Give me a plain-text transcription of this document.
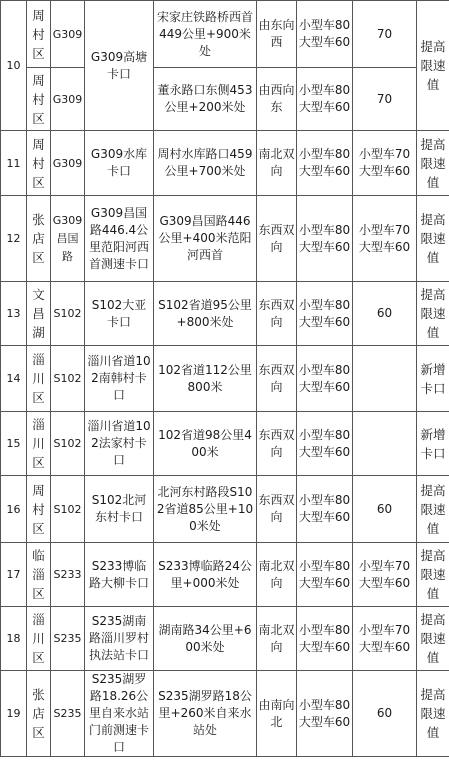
10	周村区	G309	G309高塘卡口	宋家庄铁路桥西首449公里+900米处	由东向西	小型车80大型车60	70	提高限速值
	周村区	G309		董永路口东侧453公里+200米处	由西向东	小型车80大型车60	70	
11	周村区	G309	G309水库卡口	周村水库路口459公里+700米处	南北双向	小型车80大型车60	小型车70大型车60	提高限速值
12	张店区	G309昌国路	G309昌国路446.4公里范阳河西首测速卡口	G309昌国路446公里+400米范阳河西首	东西双向	小型车80大型车60	小型车70大型车60	提高限速值
13	文昌湖	S102	S102大亚卡口	S102省道95公里+800米处	东西双向	小型车80大型车60	60	提高限速值
14	淄川区	S102	淄川省道102南韩村卡口	102省道112公里800米	东西双向	小型车80大型车60		新增卡口
15	淄川区	S102	淄川省道102法家村卡口	102省道98公里400米	东西双向	小型车80大型车60		新增卡口
16	周村区	S102	S102北河东村卡口	北河东村路段S102省道85公里+100米处	东西双向	小型车80大型车60	60	提高限速值
17	临淄区	S233	S233博临路大柳卡口	S233博临路24公里+000米处	南北双向	小型车80大型车60	小型车70大型车60	提高限速值
18	淄川区	S235	S235湖南路淄川罗村执法站卡口	湖南路34公里+600米处	南北双向	小型车80大型车60	小型车70大型车60	提高限速值
19	张店区	S235	S235湖罗路18.26公里自来水站门前测速卡口	S235湖罗路18公里+260米自来水站处	由南向北	小型车80大型车60	60	提高限速值
